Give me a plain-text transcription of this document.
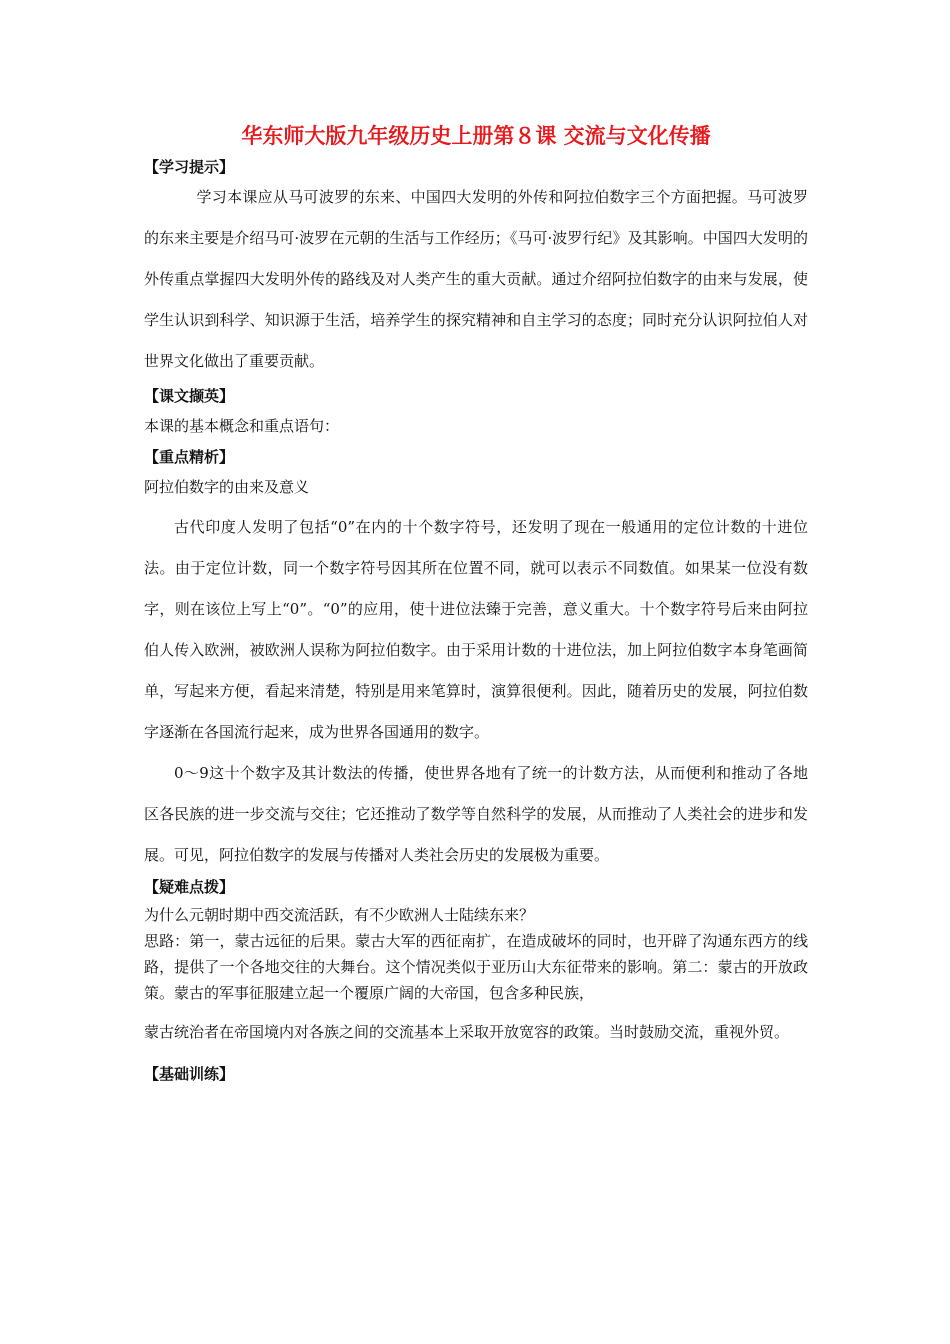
华东师大版九年级历史上册第８课 交流与文化传播

【学习提示】

学习本课应从马可波罗的东来、中国四大发明的外传和阿拉伯数字三个方面把握。马可波罗的东来主要是介绍马可·波罗在元朝的生活与工作经历；《马可·波罗行纪》及其影响。中国四大发明的外传重点掌握四大发明外传的路线及对人类产生的重大贡献。通过介绍阿拉伯数字的由来与发展，使学生认识到科学、知识源于生活，培养学生的探究精神和自主学习的态度；同时充分认识阿拉伯人对世界文化做出了重要贡献。

【课文撷英】

本课的基本概念和重点语句：

【重点精析】

阿拉伯数字的由来及意义

古代印度人发明了包括“0”在内的十个数字符号，还发明了现在一般通用的定位计数的十进位法。由于定位计数，同一个数字符号因其所在位置不同，就可以表示不同数值。如果某一位没有数字，则在该位上写上“0”。“0”的应用，使十进位法臻于完善，意义重大。十个数字符号后来由阿拉伯人传入欧洲，被欧洲人误称为阿拉伯数字。由于采用计数的十进位法，加上阿拉伯数字本身笔画简单，写起来方便，看起来清楚，特别是用来笔算时，演算很便利。因此，随着历史的发展，阿拉伯数字逐渐在各国流行起来，成为世界各国通用的数字。

0～9这十个数字及其计数法的传播，使世界各地有了统一的计数方法，从而便利和推动了各地区各民族的进一步交流与交往；它还推动了数学等自然科学的发展，从而推动了人类社会的进步和发展。可见，阿拉伯数字的发展与传播对人类社会历史的发展极为重要。

【疑难点拨】

为什么元朝时期中西交流活跃，有不少欧洲人士陆续东来？

思路：第一，蒙古远征的后果。蒙古大军的西征南扩，在造成破坏的同时，也开辟了沟通东西方的线路，提供了一个各地交往的大舞台。这个情况类似于亚历山大东征带来的影响。第二：蒙古的开放政策。蒙古的军事征服建立起一个覆原广阔的大帝国，包含多种民族，

蒙古统治者在帝国境内对各族之间的交流基本上采取开放宽容的政策。当时鼓励交流，重视外贸。

【基础训练】
